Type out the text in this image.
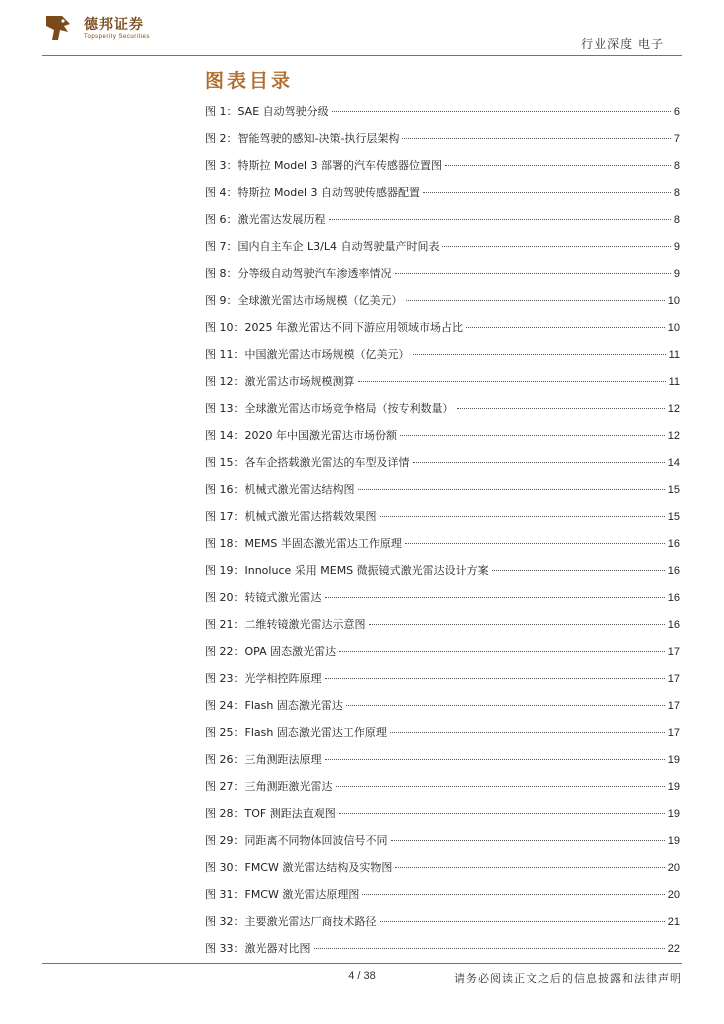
德邦证券
Topsperity Securities	行业深度 电子
图表目录
图 1：SAE 自动驾驶分级	6
图 2：智能驾驶的感知-决策-执行层架构	7
图 3：特斯拉 Model 3 部署的汽车传感器位置图	8
图 4：特斯拉 Model 3 自动驾驶传感器配置	8
图 6：激光雷达发展历程	8
图 7：国内自主车企 L3/L4 自动驾驶量产时间表	9
图 8：分等级自动驾驶汽车渗透率情况	9
图 9：全球激光雷达市场规模（亿美元）	10
图 10：2025 年激光雷达不同下游应用领域市场占比	10
图 11：中国激光雷达市场规模（亿美元）	11
图 12：激光雷达市场规模测算	11
图 13：全球激光雷达市场竞争格局（按专利数量）	12
图 14：2020 年中国激光雷达市场份额	12
图 15：各车企搭载激光雷达的车型及详情	14
图 16：机械式激光雷达结构图	15
图 17：机械式激光雷达搭载效果图	15
图 18：MEMS 半固态激光雷达工作原理	16
图 19：Innoluce 采用 MEMS 微振镜式激光雷达设计方案	16
图 20：转镜式激光雷达	16
图 21：二维转镜激光雷达示意图	16
图 22：OPA 固态激光雷达	17
图 23：光学相控阵原理	17
图 24：Flash 固态激光雷达	17
图 25：Flash 固态激光雷达工作原理	17
图 26：三角测距法原理	19
图 27：三角测距激光雷达	19
图 28：TOF 测距法直观图	19
图 29：同距离不同物体回波信号不同	19
图 30：FMCW 激光雷达结构及实物图	20
图 31：FMCW 激光雷达原理图	20
图 32：主要激光雷达厂商技术路径	21
图 33：激光器对比图	22
4 / 38	请务必阅读正文之后的信息披露和法律声明
